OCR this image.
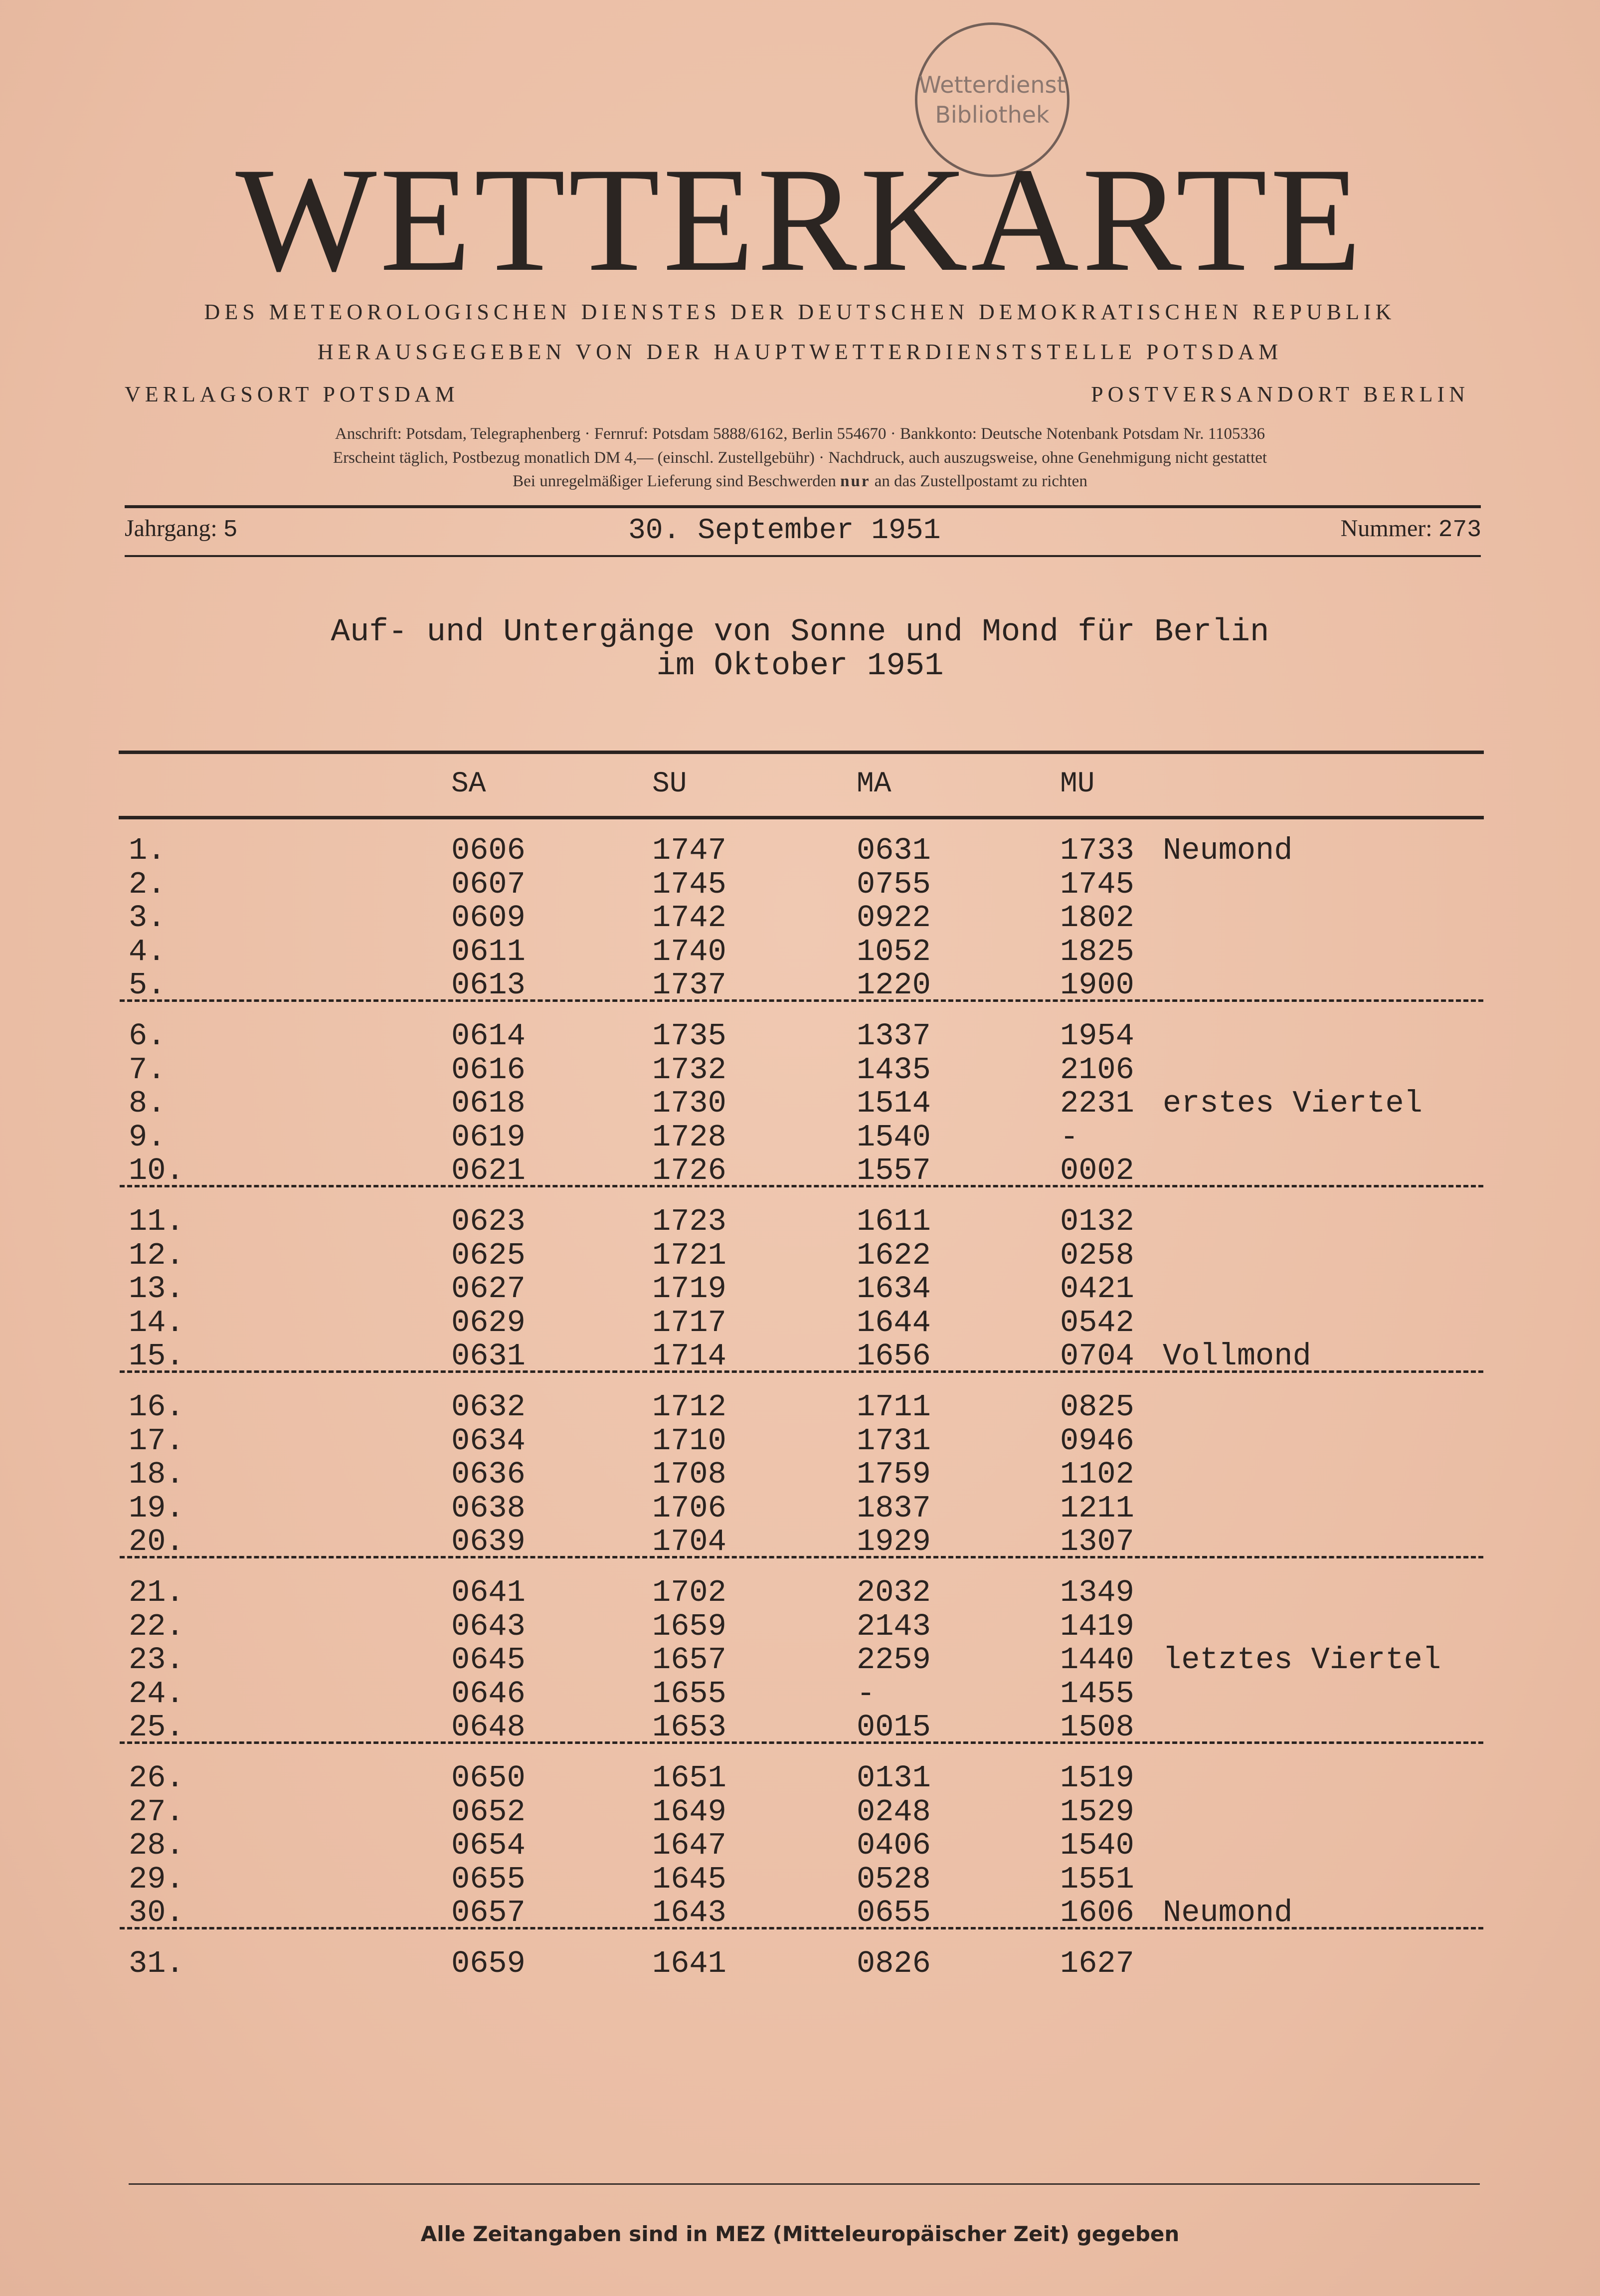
Wetterdienst
Bibliothek
WETTERKARTE
DES METEOROLOGISCHEN DIENSTES DER DEUTSCHEN DEMOKRATISCHEN REPUBLIK
HERAUSGEGEBEN VON DER HAUPTWETTERDIENSTSTELLE POTSDAM
VERLAGSORT POTSDAM	POSTVERSANDORT BERLIN
Anschrift: Potsdam, Telegraphenberg · Fernruf: Potsdam 5888/6162, Berlin 554670 · Bankkonto: Deutsche Notenbank Potsdam Nr. 1105336
Erscheint täglich, Postbezug monatlich DM 4,— (einschl. Zustellgebühr) · Nachdruck, auch auszugsweise, ohne Genehmigung nicht gestattet
Bei unregelmäßiger Lieferung sind Beschwerden nur an das Zustellpostamt zu richten
Jahrgang: 5	30. September 1951	Nummer: 273
Auf- und Untergänge von Sonne und Mond für Berlin
im Oktober 1951
SA	SU	MA	MU
1.	0606	1747	0631	1733 Neumond
2.	0607	1745	0755	1745
3.	0609	1742	0922	1802
4.	0611	1740	1052	1825
5.	0613	1737	1220	1900
6.	0614	1735	1337	1954
7.	0616	1732	1435	2106
8.	0618	1730	1514	2231 erstes Viertel
9.	0619	1728	1540	-
10.	0621	1726	1557	0002
11.	0623	1723	1611	0132
12.	0625	1721	1622	0258
13.	0627	1719	1634	0421
14.	0629	1717	1644	0542
15.	0631	1714	1656	0704 Vollmond
16.	0632	1712	1711	0825
17.	0634	1710	1731	0946
18.	0636	1708	1759	1102
19.	0638	1706	1837	1211
20.	0639	1704	1929	1307
21.	0641	1702	2032	1349
22.	0643	1659	2143	1419
23.	0645	1657	2259	1440 letztes Viertel
24.	0646	1655	-	1455
25.	0648	1653	0015	1508
26.	0650	1651	0131	1519
27.	0652	1649	0248	1529
28.	0654	1647	0406	1540
29.	0655	1645	0528	1551
30.	0657	1643	0655	1606 Neumond
31.	0659	1641	0826	1627
Alle Zeitangaben sind in MEZ (Mitteleuropäischer Zeit) gegeben
